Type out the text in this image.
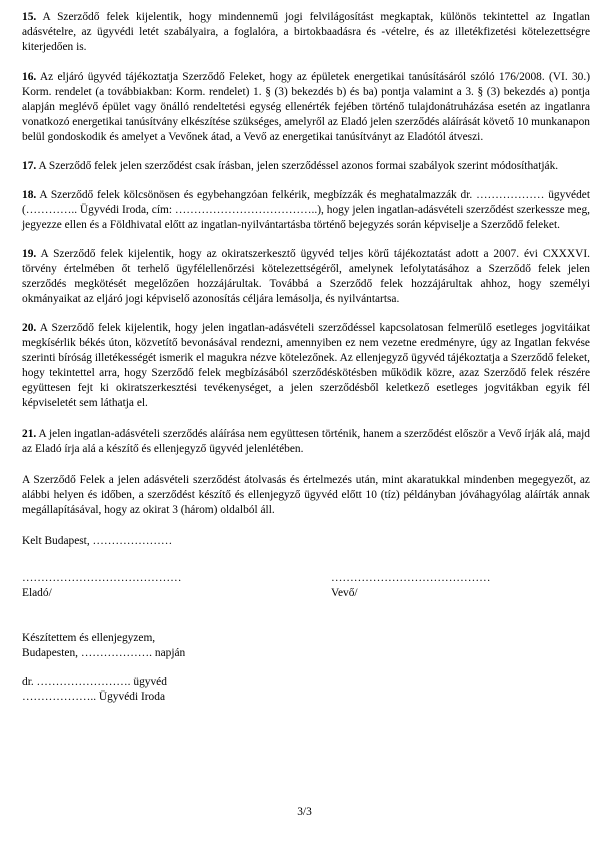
15. A Szerződő felek kijelentik, hogy mindennemű jogi felvilágosítást megkaptak, különös tekintettel az Ingatlan adásvételre, az ügyvédi letét szabályaira, a foglalóra, a birtokbaadásra és -vételre, és az illetékfizetési kötelezettségre kiterjedően is.

16. Az eljáró ügyvéd tájékoztatja Szerződő Feleket, hogy az épületek energetikai tanúsításáról szóló 176/2008. (VI. 30.) Korm. rendelet (a továbbiakban: Korm. rendelet) 1. § (3) bekezdés b) és ba) pontja valamint a 3. § (3) bekezdés a) pontja alapján meglévő épület vagy önálló rendeltetési egység ellenérték fejében történő tulajdonátruházása esetén az ingatlanra vonatkozó energetikai tanúsítvány elkészítése szükséges, amelyről az Eladó jelen szerződés aláírását követő 10 munkanapon belül gondoskodik és amelyet a Vevőnek átad, a Vevő az energetikai tanúsítványt az Eladótól átveszi.

17. A Szerződő felek jelen szerződést csak írásban, jelen szerződéssel azonos formai szabályok szerint módosíthatják.

18. A Szerződő felek kölcsönösen és egybehangzóan felkérik, megbízzák és meghatalmazzák dr. ……………… ügyvédet (………….. Ügyvédi Iroda, cím: ………………………………..), hogy jelen ingatlan-adásvételi szerződést szerkessze meg, jegyezze ellen és a Földhivatal előtt az ingatlan-nyilvántartásba történő bejegyzés során képviselje a Szerződő feleket.

19. A Szerződő felek kijelentik, hogy az okiratszerkesztő ügyvéd teljes körű tájékoztatást adott a 2007. évi CXXXVI. törvény értelmében őt terhelő ügyfélellenőrzési kötelezettségéről, amelynek lefolytatásához a Szerződő felek jelen szerződés megkötését megelőzően hozzájárultak. Továbbá a Szerződő felek hozzájárultak ahhoz, hogy személyi okmányaikat az eljáró jogi képviselő azonosítás céljára lemásolja, és nyilvántartsa.

20. A Szerződő felek kijelentik, hogy jelen ingatlan-adásvételi szerződéssel kapcsolatosan felmerülő esetleges jogvitáikat megkísérlik békés úton, közvetítő bevonásával rendezni, amennyiben ez nem vezetne eredményre, úgy az Ingatlan fekvése szerinti bíróság illetékességét ismerik el magukra nézve kötelezőnek. Az ellenjegyző ügyvéd tájékoztatja a Szerződő feleket, hogy tekintettel arra, hogy Szerződő felek megbízásából szerződéskötésben működik közre, azaz Szerződő felek részére együttesen fejt ki okiratszerkesztési tevékenységet, a jelen szerződésből keletkező esetleges jogvitákban egyik fél képviseletét sem láthatja el.

21. A jelen ingatlan-adásvételi szerződés aláírása nem együttesen történik, hanem a szerződést először a Vevő írják alá, majd az Eladó írja alá a készítő és ellenjegyző ügyvéd jelenlétében.

A Szerződő Felek a jelen adásvételi szerződést átolvasás és értelmezés után, mint akaratukkal mindenben megegyezőt, az alábbi helyen és időben, a szerződést készítő és ellenjegyző ügyvéd előtt 10 (tíz) példányban jóváhagyólag aláírták annak megállapításával, hogy az okirat 3 (három) oldalból áll.

Kelt Budapest, …………………

……………………………………

Eladó/

……………………………………

Vevő/

Készítettem és ellenjegyzem,

Budapesten, ………………. napján

dr. ……………………. ügyvéd

……………….. Ügyvédi Iroda

3/3
